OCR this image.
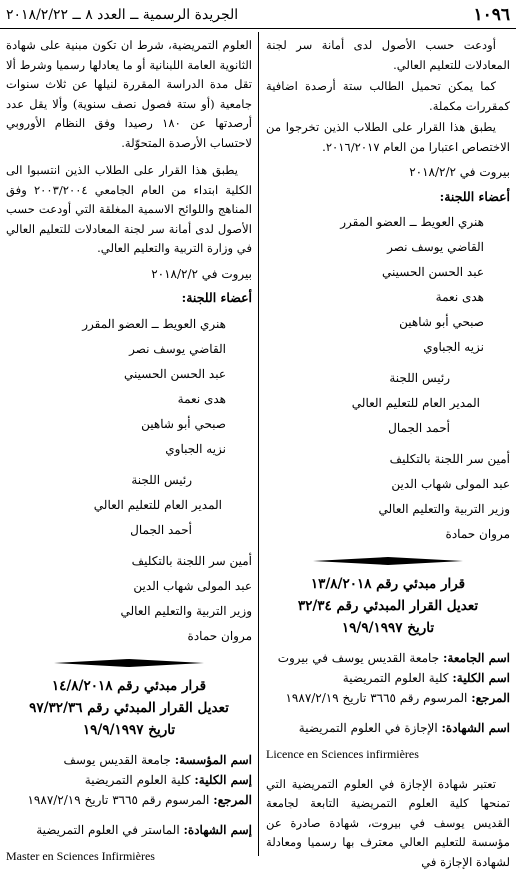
١٠٩٦
الجريدة الرسمية ــ العدد ٨ ــ ٢٠١٨/٢/٢٢

أودعت حسب الأصول لدى أمانة سر لجنة المعادلات للتعليم العالي.

كما يمكن تحميل الطالب ستة أرصدة اضافية كمقررات مكملة.

يطبق هذا القرار على الطلاب الذين تخرجوا من الاختصاص اعتبارا من العام ٢٠١٦/٢٠١٧.

بيروت في ٢٠١٨/٢/٢
أعضاء اللجنة:
هنري العويط ــ العضو المقرر
القاضي يوسف نصر
عبد الحسن الحسيني
هدى نعمة
صبحي أبو شاهين
نزيه الجباوي
رئيس اللجنة
المدير العام للتعليم العالي
أحمد الجمال
أمين سر اللجنة بالتكليف
عبد المولى شهاب الدين
وزير التربية والتعليم العالي
مروان حمادة
قرار مبدئي رقم ١٣/٨/٢٠١٨
تعديل القرار المبدئي رقم ٣٢/٣٤
تاريخ ١٩/٩/١٩٩٧
اسم الجامعة: جامعة القديس يوسف في بيروت
اسم الكلية: كلية العلوم التمريضية
المرجع: المرسوم رقم ٣٦٦٥ تاريخ ١٩٨٧/٢/١٩
اسم الشهادة: الإجازة في العلوم التمريضية
Licence en Sciences infirmières

تعتبر شهادة الإجازة في العلوم التمريضية التي تمنحها كلية العلوم التمريضية التابعة لجامعة القديس يوسف في بيروت، شهادة صادرة عن مؤسسة للتعليم العالي معترف بها رسميا ومعادلة لشهادة الإجازة في

العلوم التمريضية، شرط ان تكون مبنية على شهادة الثانوية العامة اللبنانية أو ما يعادلها رسميا وشرط ألا تقل مدة الدراسة المقررة لنيلها عن ثلاث سنوات جامعية (أو ستة فصول نصف سنوية) وألا يقل عدد أرصدتها عن ١٨٠ رصيدا وفق النظام الأوروبي لاحتساب الأرصدة المتحوّلة.

يطبق هذا القرار على الطلاب الذين انتسبوا الى الكلية ابتداء من العام الجامعي ٢٠٠٣/٢٠٠٤ وفق المناهج واللوائح الاسمية المغلقة التي أودعت حسب الأصول لدى أمانة سر لجنة المعادلات للتعليم العالي في وزارة التربية والتعليم العالي.

بيروت في ٢٠١٨/٢/٢
أعضاء اللجنة:
هنري العويط ــ العضو المقرر
القاضي يوسف نصر
عبد الحسن الحسيني
هدى نعمة
صبحي أبو شاهين
نزيه الجباوي
رئيس اللجنة
المدير العام للتعليم العالي
أحمد الجمال
أمين سر اللجنة بالتكليف
عبد المولى شهاب الدين
وزير التربية والتعليم العالي
مروان حمادة
قرار مبدئي رقم ١٤/٨/٢٠١٨
تعديل القرار المبدئي رقم ٩٧/٣٢/٣٦
تاريخ ١٩/٩/١٩٩٧
اسم المؤسسة: جامعة القديس يوسف
إسم الكلية: كلية العلوم التمريضية
المرجع: المرسوم رقم ٣٦٦٥ تاريخ ١٩٨٧/٢/١٩
إسم الشهادة: الماستر في العلوم التمريضية
Master en Sciences Infirmières
